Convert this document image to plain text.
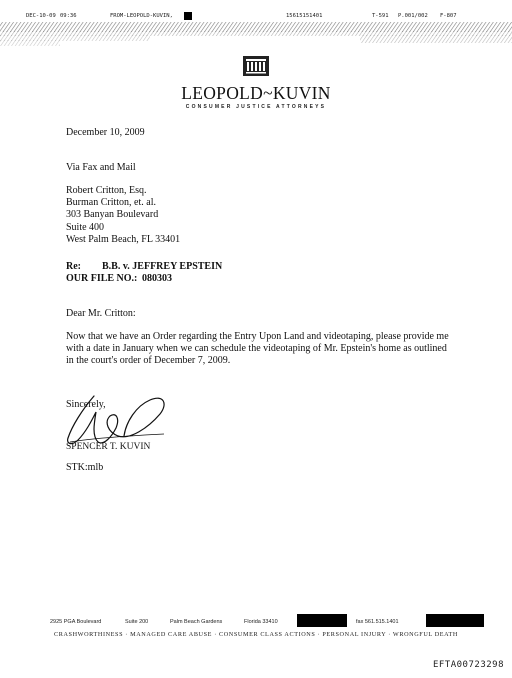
DEC-10-09 09:36	FROM-LEOPOLD-KUVIN,	15615151401	T-591 P.001/002 F-807
LEOPOLD~KUVIN
CONSUMER JUSTICE ATTORNEYS
December 10, 2009
Via Fax and Mail
Robert Critton, Esq.
Burman Critton, et. al.
303 Banyan Boulevard
Suite 400
West Palm Beach, FL 33401
Re: B.B. v. JEFFREY EPSTEIN
OUR FILE NO.: 080303
Dear Mr. Critton:
Now that we have an Order regarding the Entry Upon Land and videotaping, please provide me
with a date in January when we can schedule the videotaping of Mr. Epstein's home as outlined
in the court's order of December 7, 2009.
Sincerely,
SPENCER T. KUVIN
STK:mlb
2925 PGA Boulevard	Suite 200	Palm Beach Gardens	Florida 33410	fax 561.515.1401
CRASHWORTHINESS · MANAGED CARE ABUSE · CONSUMER CLASS ACTIONS · PERSONAL INJURY · WRONGFUL DEATH
EFTA00723298
